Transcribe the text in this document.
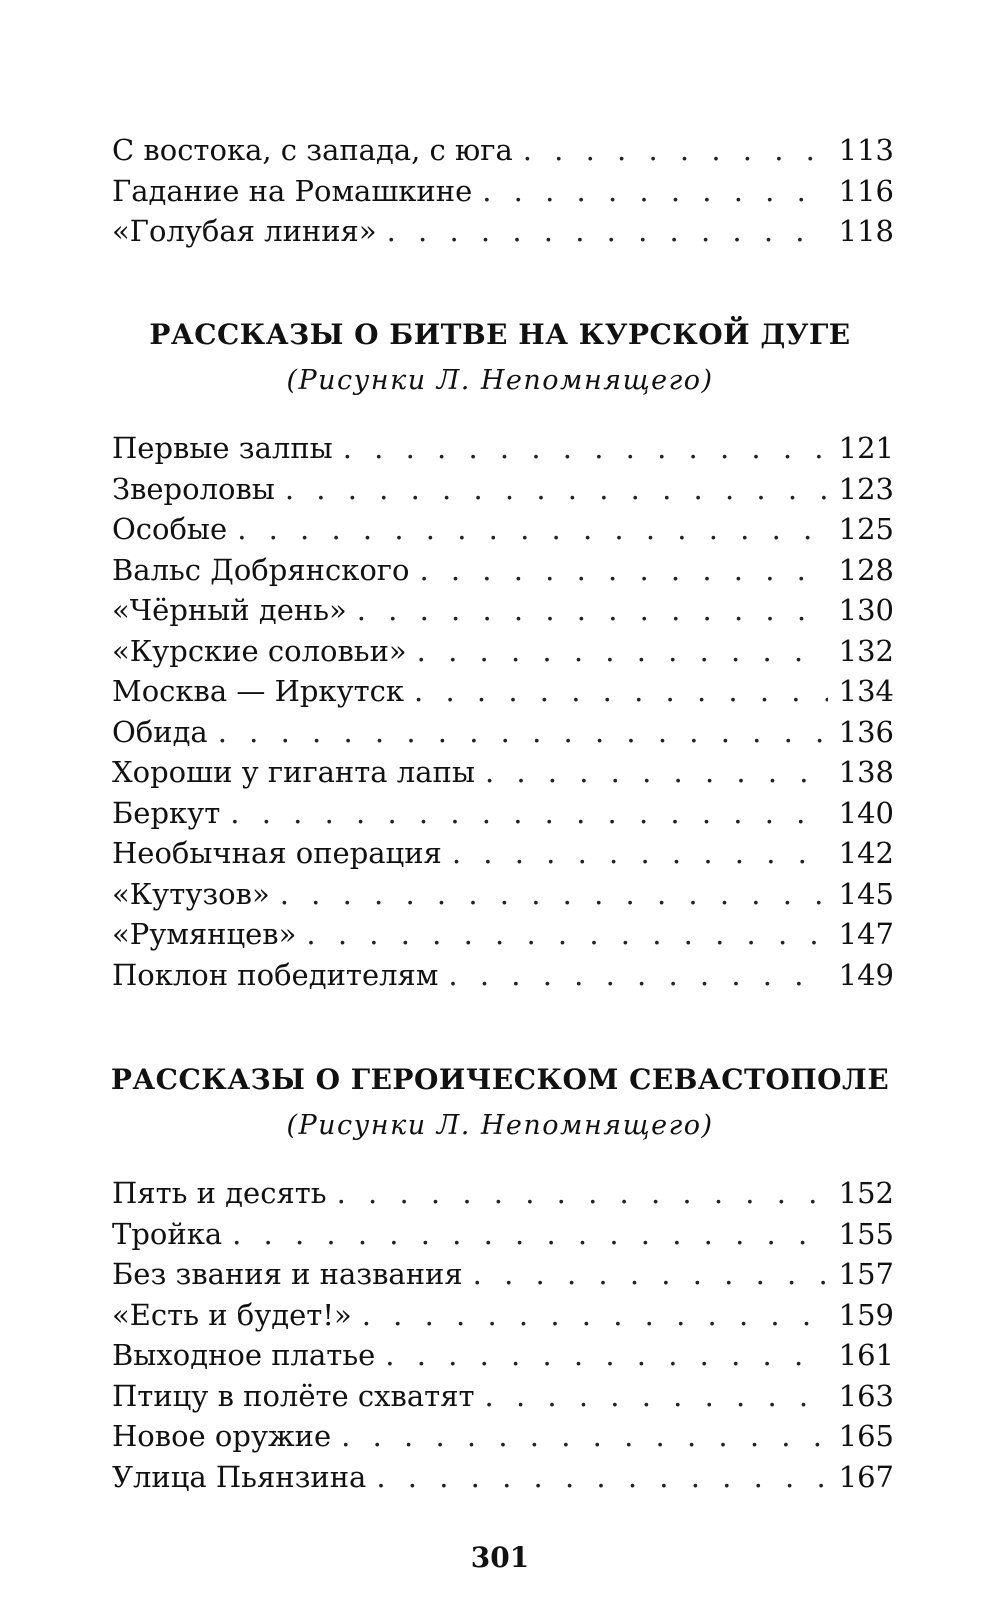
С востока, с запада, с юга . . .	113
Гадание на Ромашкине . . .	116
«Голубая линия» . . .	118
РАССКАЗЫ О БИТВЕ НА КУРСКОЙ ДУГЕ
(Рисунки Л. Непомнящего)
Первые залпы . . .	121
Звероловы . . .	123
Особые . . .	125
Вальс Добрянского . . .	128
«Чёрный день» . . .	130
«Курские соловьи» . . .	132
Москва — Иркутск . . .	134
Обида . . .	136
Хороши у гиганта лапы . . .	138
Беркут . . .	140
Необычная операция . . .	142
«Кутузов» . . .	145
«Румянцев» . . .	147
Поклон победителям . . .	149
РАССКАЗЫ О ГЕРОИЧЕСКОМ СЕВАСТОПОЛЕ
(Рисунки Л. Непомнящего)
Пять и десять . . .	152
Тройка . . .	155
Без звания и названия . . .	157
«Есть и будет!» . . .	159
Выходное платье . . .	161
Птицу в полёте схватят . . .	163
Новое оружие . . .	165
Улица Пьянзина . . .	167
301
